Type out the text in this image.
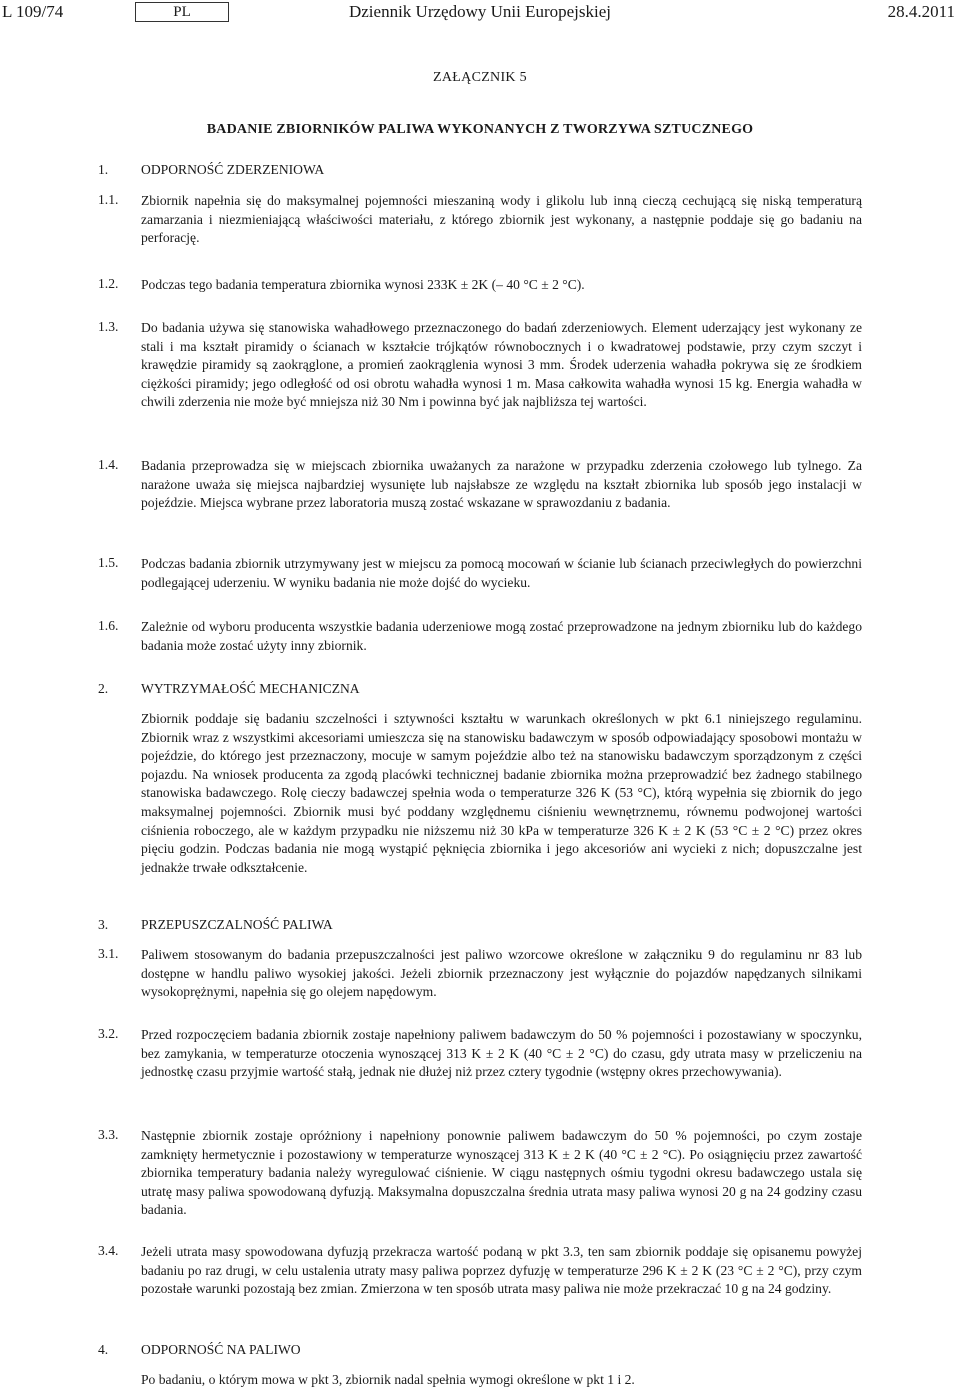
L 109/74	PL	Dziennik Urzędowy Unii Europejskiej	28.4.2011
ZAŁĄCZNIK 5
BADANIE ZBIORNIKÓW PALIWA WYKONANYCH Z TWORZYWA SZTUCZNEGO
1. ODPORNOŚĆ ZDERZENIOWA
1.1. Zbiornik napełnia się do maksymalnej pojemności mieszaniną wody i glikolu lub inną cieczą cechującą się niską temperaturą zamarzania i niezmieniającą właściwości materiału, z którego zbiornik jest wykonany, a następnie poddaje się go badaniu na perforację.
1.2. Podczas tego badania temperatura zbiornika wynosi 233K ± 2K (– 40 °C ± 2 °C).
1.3. Do badania używa się stanowiska wahadłowego przeznaczonego do badań zderzeniowych. Element uderzający jest wykonany ze stali i ma kształt piramidy o ścianach w kształcie trójkątów równobocznych i o kwadratowej podstawie, przy czym szczyt i krawędzie piramidy są zaokrąglone, a promień zaokrąglenia wynosi 3 mm. Środek uderzenia wahadła pokrywa się ze środkiem ciężkości piramidy; jego odległość od osi obrotu wahadła wynosi 1 m. Masa całkowita wahadła wynosi 15 kg. Energia wahadła w chwili zderzenia nie może być mniejsza niż 30 Nm i powinna być jak najbliższa tej wartości.
1.4. Badania przeprowadza się w miejscach zbiornika uważanych za narażone w przypadku zderzenia czołowego lub tylnego. Za narażone uważa się miejsca najbardziej wysunięte lub najsłabsze ze względu na kształt zbiornika lub sposób jego instalacji w pojeździe. Miejsca wybrane przez laboratoria muszą zostać wskazane w sprawozdaniu z badania.
1.5. Podczas badania zbiornik utrzymywany jest w miejscu za pomocą mocowań w ścianie lub ścianach przeciwległych do powierzchni podlegającej uderzeniu. W wyniku badania nie może dojść do wycieku.
1.6. Zależnie od wyboru producenta wszystkie badania uderzeniowe mogą zostać przeprowadzone na jednym zbiorniku lub do każdego badania może zostać użyty inny zbiornik.
2. WYTRZYMAŁOŚĆ MECHANICZNA
Zbiornik poddaje się badaniu szczelności i sztywności kształtu w warunkach określonych w pkt 6.1 niniejszego regulaminu. Zbiornik wraz z wszystkimi akcesoriami umieszcza się na stanowisku badawczym w sposób odpowiadający sposobowi montażu w pojeździe, do którego jest przeznaczony, mocuje w samym pojeździe albo też na stanowisku badawczym sporządzonym z części pojazdu. Na wniosek producenta za zgodą placówki technicznej badanie zbiornika można przeprowadzić bez żadnego stabilnego stanowiska badawczego. Rolę cieczy badawczej spełnia woda o temperaturze 326 K (53 °C), którą wypełnia się zbiornik do jego maksymalnej pojemności. Zbiornik musi być poddany względnemu ciśnieniu wewnętrznemu, równemu podwojonej wartości ciśnienia roboczego, ale w każdym przypadku nie niższemu niż 30 kPa w temperaturze 326 K ± 2 K (53 °C ± 2 °C) przez okres pięciu godzin. Podczas badania nie mogą wystąpić pęknięcia zbiornika i jego akcesoriów ani wycieki z nich; dopuszczalne jest jednakże trwałe odkształcenie.
3. PRZEPUSZCZALNOŚĆ PALIWA
3.1. Paliwem stosowanym do badania przepuszczalności jest paliwo wzorcowe określone w załączniku 9 do regulaminu nr 83 lub dostępne w handlu paliwo wysokiej jakości. Jeżeli zbiornik przeznaczony jest wyłącznie do pojazdów napędzanych silnikami wysokoprężnymi, napełnia się go olejem napędowym.
3.2. Przed rozpoczęciem badania zbiornik zostaje napełniony paliwem badawczym do 50 % pojemności i pozostawiany w spoczynku, bez zamykania, w temperaturze otoczenia wynoszącej 313 K ± 2 K (40 °C ± 2 °C) do czasu, gdy utrata masy w przeliczeniu na jednostkę czasu przyjmie wartość stałą, jednak nie dłużej niż przez cztery tygodnie (wstępny okres przechowywania).
3.3. Następnie zbiornik zostaje opróżniony i napełniony ponownie paliwem badawczym do 50 % pojemności, po czym zostaje zamknięty hermetycznie i pozostawiony w temperaturze wynoszącej 313 K ± 2 K (40 °C ± 2 °C). Po osiągnięciu przez zawartość zbiornika temperatury badania należy wyregulować ciśnienie. W ciągu następnych ośmiu tygodni okresu badawczego ustala się utratę masy paliwa spowodowaną dyfuzją. Maksymalna dopuszczalna średnia utrata masy paliwa wynosi 20 g na 24 godziny czasu badania.
3.4. Jeżeli utrata masy spowodowana dyfuzją przekracza wartość podaną w pkt 3.3, ten sam zbiornik poddaje się opisanemu powyżej badaniu po raz drugi, w celu ustalenia utraty masy paliwa poprzez dyfuzję w temperaturze 296 K ± 2 K (23 °C ± 2 °C), przy czym pozostałe warunki pozostają bez zmian. Zmierzona w ten sposób utrata masy paliwa nie może przekraczać 10 g na 24 godziny.
4. ODPORNOŚĆ NA PALIWO
Po badaniu, o którym mowa w pkt 3, zbiornik nadal spełnia wymogi określone w pkt 1 i 2.
